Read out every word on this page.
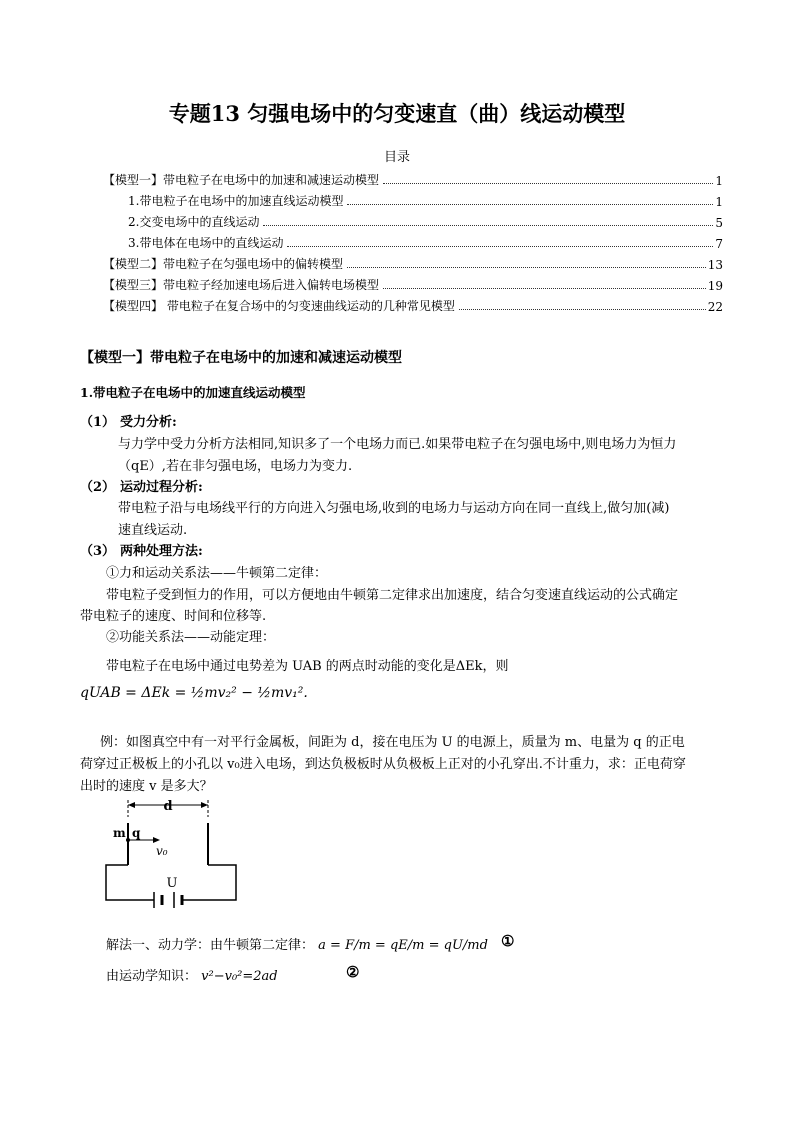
专题13 匀强电场中的匀变速直（曲）线运动模型
目录
【模型一】带电粒子在电场中的加速和减速运动模型	1
1.带电粒子在电场中的加速直线运动模型	1
2.交变电场中的直线运动	5
3.带电体在电场中的直线运动	7
【模型二】带电粒子在匀强电场中的偏转模型	13
【模型三】带电粒子经加速电场后进入偏转电场模型	19
【模型四】 带电粒子在复合场中的匀变速曲线运动的几种常见模型	22
【模型一】带电粒子在电场中的加速和减速运动模型
1.带电粒子在电场中的加速直线运动模型
（1） 受力分析:
与力学中受力分析方法相同,知识多了一个电场力而已.如果带电粒子在匀强电场中,则电场力为恒力
（qE）,若在非匀强电场，电场力为变力.
（2） 运动过程分析:
带电粒子沿与电场线平行的方向进入匀强电场,收到的电场力与运动方向在同一直线上,做匀加(减)
速直线运动.
（3） 两种处理方法:
①力和运动关系法——牛顿第二定律：
带电粒子受到恒力的作用，可以方便地由牛顿第二定律求出加速度，结合匀变速直线运动的公式确定
带电粒子的速度、时间和位移等.
②功能关系法——动能定理：
带电粒子在电场中通过电势差为 UAB 的两点时动能的变化是ΔEk，则
qUAB = ΔEk = ½mv₂² − ½mv₁².
例：如图真空中有一对平行金属板，间距为 d，接在电压为 U 的电源上，质量为 m、电量为 q 的正电
荷穿过正极板上的小孔以 v₀进入电场，到达负极板时从负极板上正对的小孔穿出.不计重力，求：正电荷穿
出时的速度 v 是多大？
d
m q
v₀
U
解法一、动力学：由牛顿第二定律： a = F/m = qE/m = qU/md ①
由运动学知识： v²−v₀²=2ad	②
